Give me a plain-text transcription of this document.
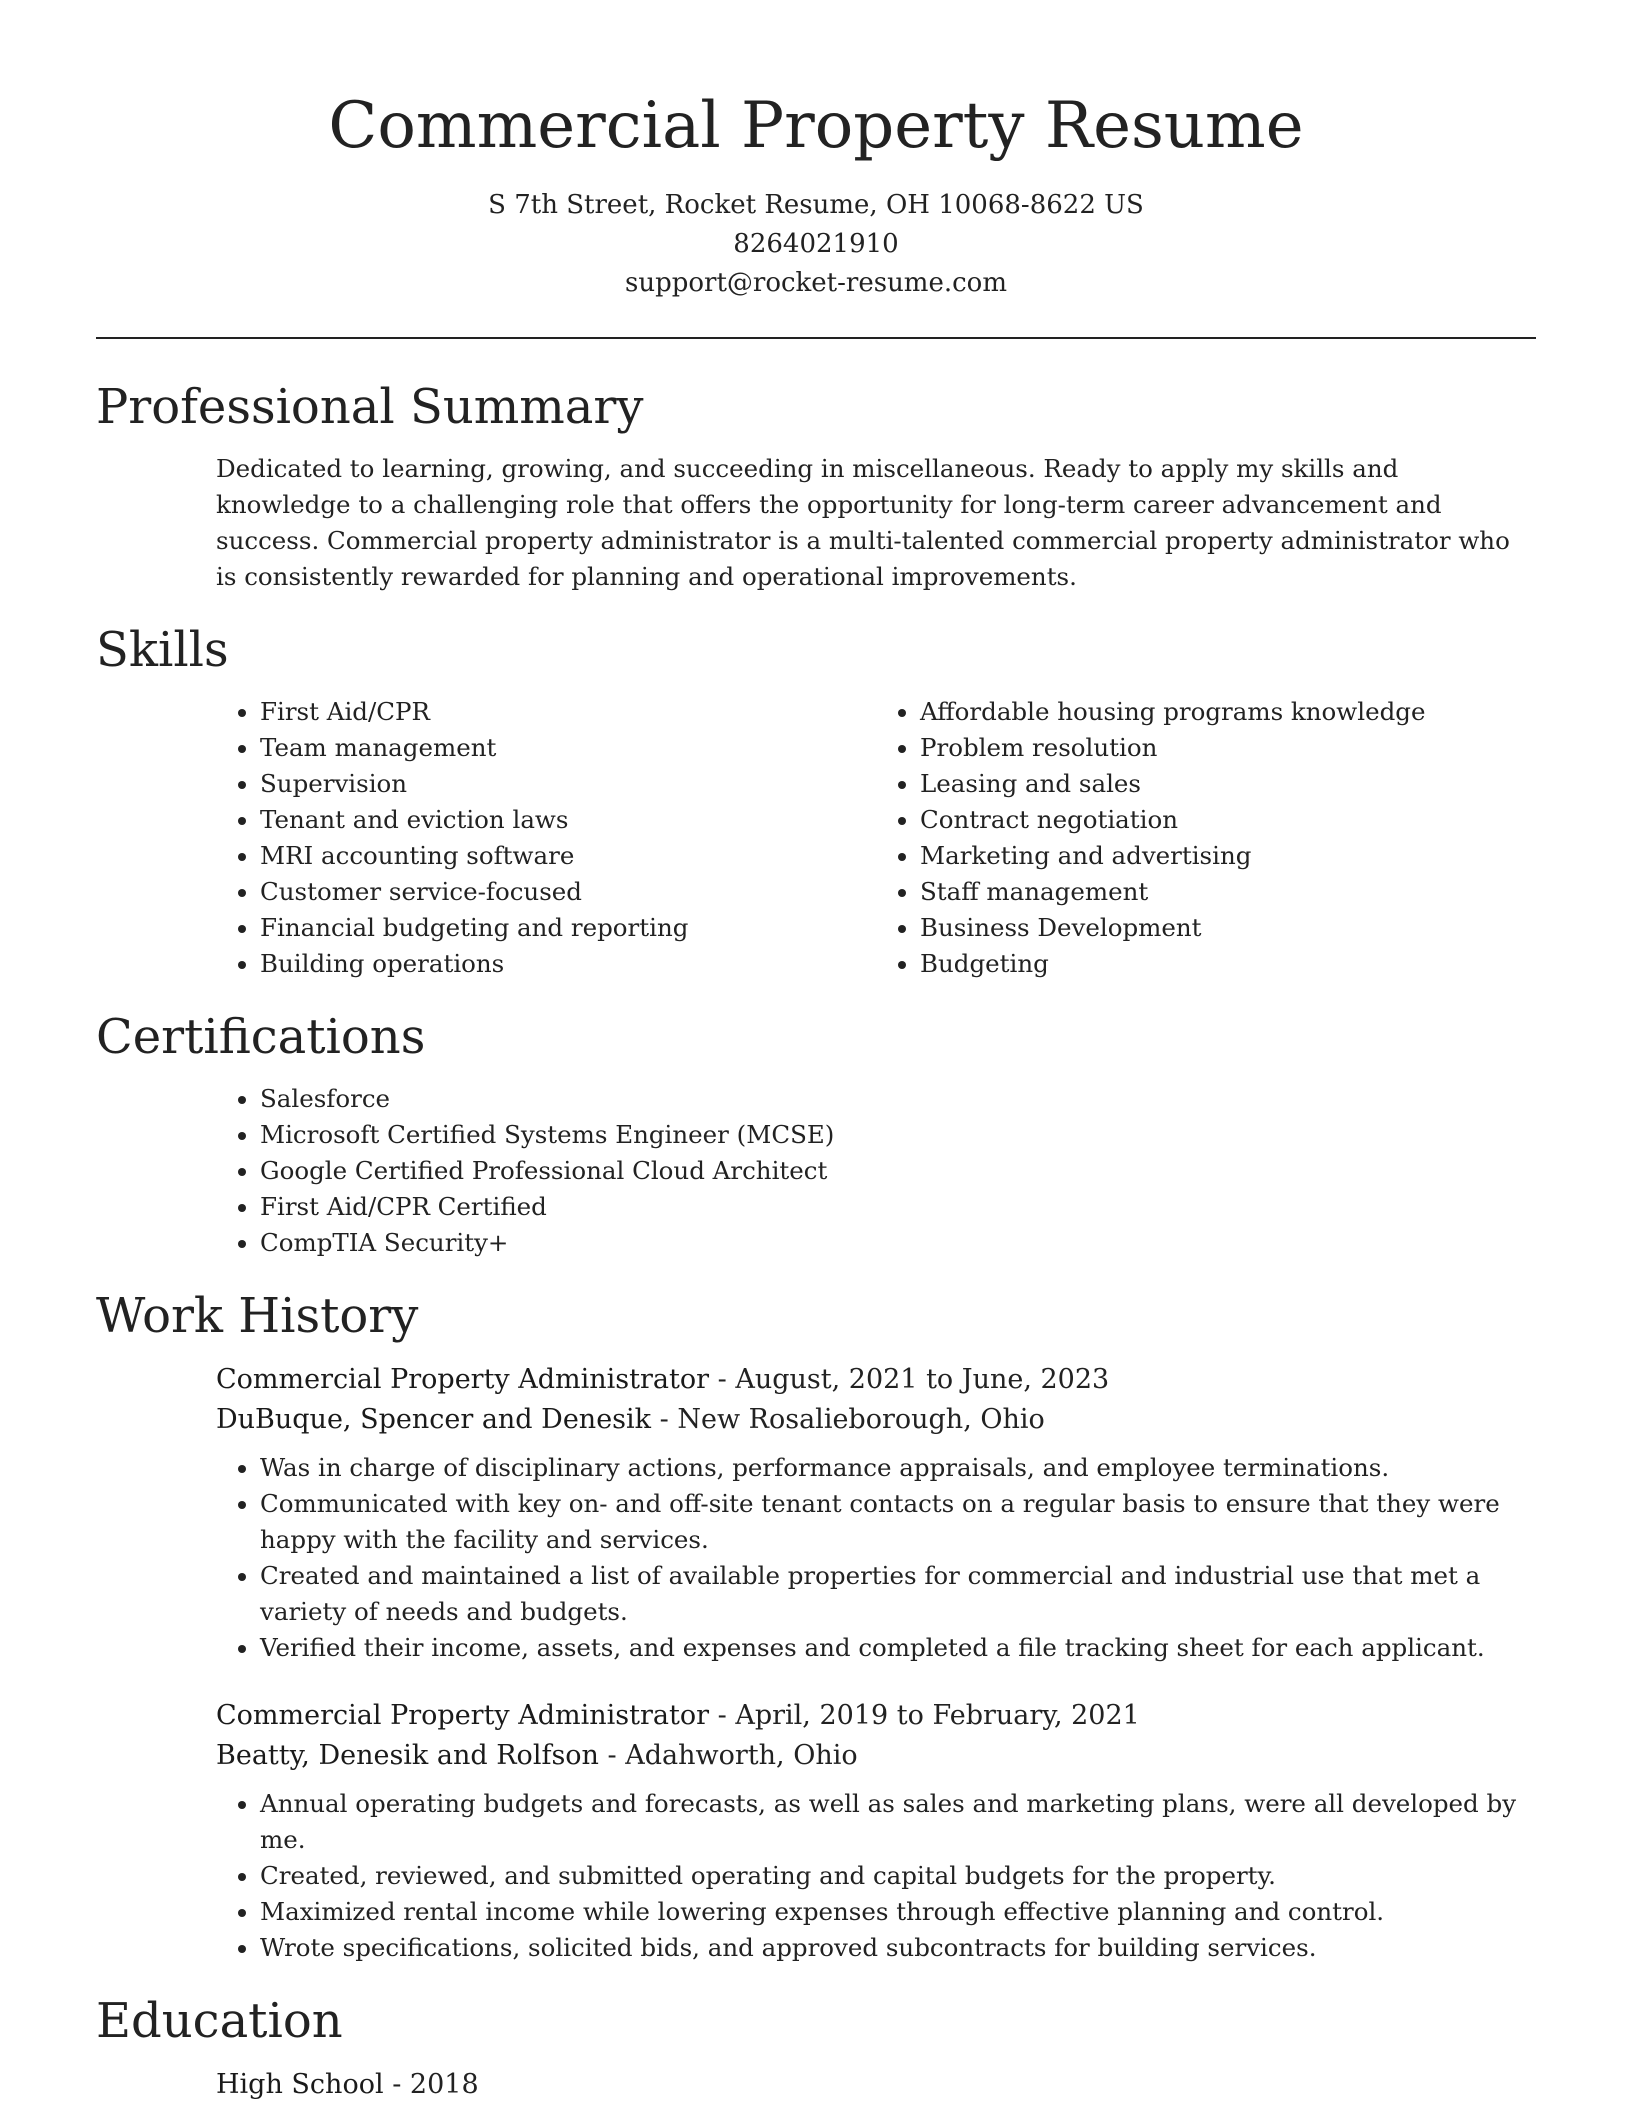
Commercial Property Resume
S 7th Street, Rocket Resume, OH 10068-8622 US
8264021910
support@rocket-resume.com
Professional Summary

Dedicated to learning, growing, and succeeding in miscellaneous. Ready to apply my skills and knowledge to a challenging role that offers the opportunity for long-term career advancement and success. Commercial property administrator is a multi-talented commercial property administrator who is consistently rewarded for planning and operational improvements.

Skills
• First Aid/CPR
• Team management
• Supervision
• Tenant and eviction laws
• MRI accounting software
• Customer service-focused
• Financial budgeting and reporting
• Building operations
• Affordable housing programs knowledge
• Problem resolution
• Leasing and sales
• Contract negotiation
• Marketing and advertising
• Staff management
• Business Development
• Budgeting
Certifications
• Salesforce
• Microsoft Certified Systems Engineer (MCSE)
• Google Certified Professional Cloud Architect
• First Aid/CPR Certified
• CompTIA Security+
Work History
Commercial Property Administrator - August, 2021 to June, 2023
DuBuque, Spencer and Denesik - New Rosalieborough, Ohio
• Was in charge of disciplinary actions, performance appraisals, and employee terminations.
• Communicated with key on- and off-site tenant contacts on a regular basis to ensure that they were happy with the facility and services.
• Created and maintained a list of available properties for commercial and industrial use that met a variety of needs and budgets.
• Verified their income, assets, and expenses and completed a file tracking sheet for each applicant.
Commercial Property Administrator - April, 2019 to February, 2021
Beatty, Denesik and Rolfson - Adahworth, Ohio
• Annual operating budgets and forecasts, as well as sales and marketing plans, were all developed by me.
• Created, reviewed, and submitted operating and capital budgets for the property.
• Maximized rental income while lowering expenses through effective planning and control.
• Wrote specifications, solicited bids, and approved subcontracts for building services.
Education
High School - 2018
